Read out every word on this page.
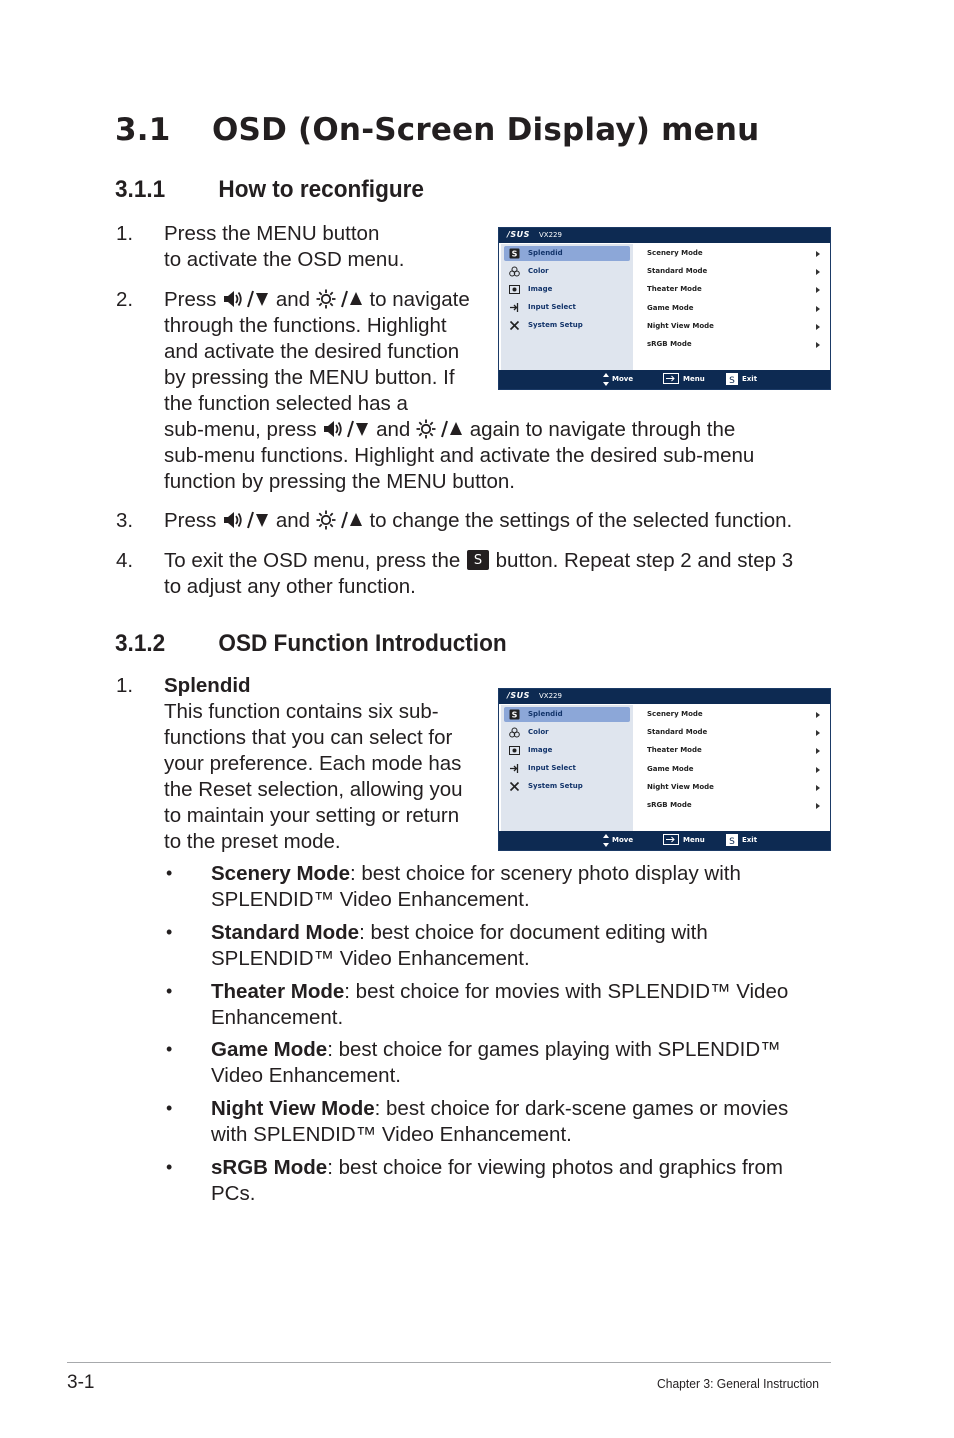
3.1 OSD (On-Screen Display) menu
3.1.1 How to reconfigure
1. Press the MENU button
to activate the OSD menu.
2. Press	and	to navigate
through the functions. Highlight
and activate the desired function
by pressing the MENU button. If
the function selected has a
sub-menu, press	and	again to navigate through the
sub-menu functions. Highlight and activate the desired sub-menu
function by pressing the MENU button.
3. Press	and	to change the settings of the selected function.
4. To exit the OSD menu, press the S button. Repeat step 2 and step 3
to adjust any other function.
/SUS VX229
S Splendid
Color
Image
Input Select
System Setup
Scenery Mode
Standard Mode
Theater Mode
Game Mode
Night View Mode
sRGB Mode
Move	Menu	S Exit
3.1.2 OSD Function Introduction
1. Splendid
This function contains six sub-
functions that you can select for
your preference. Each mode has
the Reset selection, allowing you
to maintain your setting or return
to the preset mode.
/SUS VX229
S Splendid
Color
Image
Input Select
System Setup
Scenery Mode
Standard Mode
Theater Mode
Game Mode
Night View Mode
sRGB Mode
Move	Menu	S Exit
• Scenery Mode: best choice for scenery photo display with
SPLENDID™ Video Enhancement.
• Standard Mode: best choice for document editing with
SPLENDID™ Video Enhancement.
• Theater Mode: best choice for movies with SPLENDID™ Video
Enhancement.
• Game Mode: best choice for games playing with SPLENDID™
Video Enhancement.
• Night View Mode: best choice for dark-scene games or movies
with SPLENDID™ Video Enhancement.
• sRGB Mode: best choice for viewing photos and graphics from
PCs.
3-1	Chapter 3: General Instruction
